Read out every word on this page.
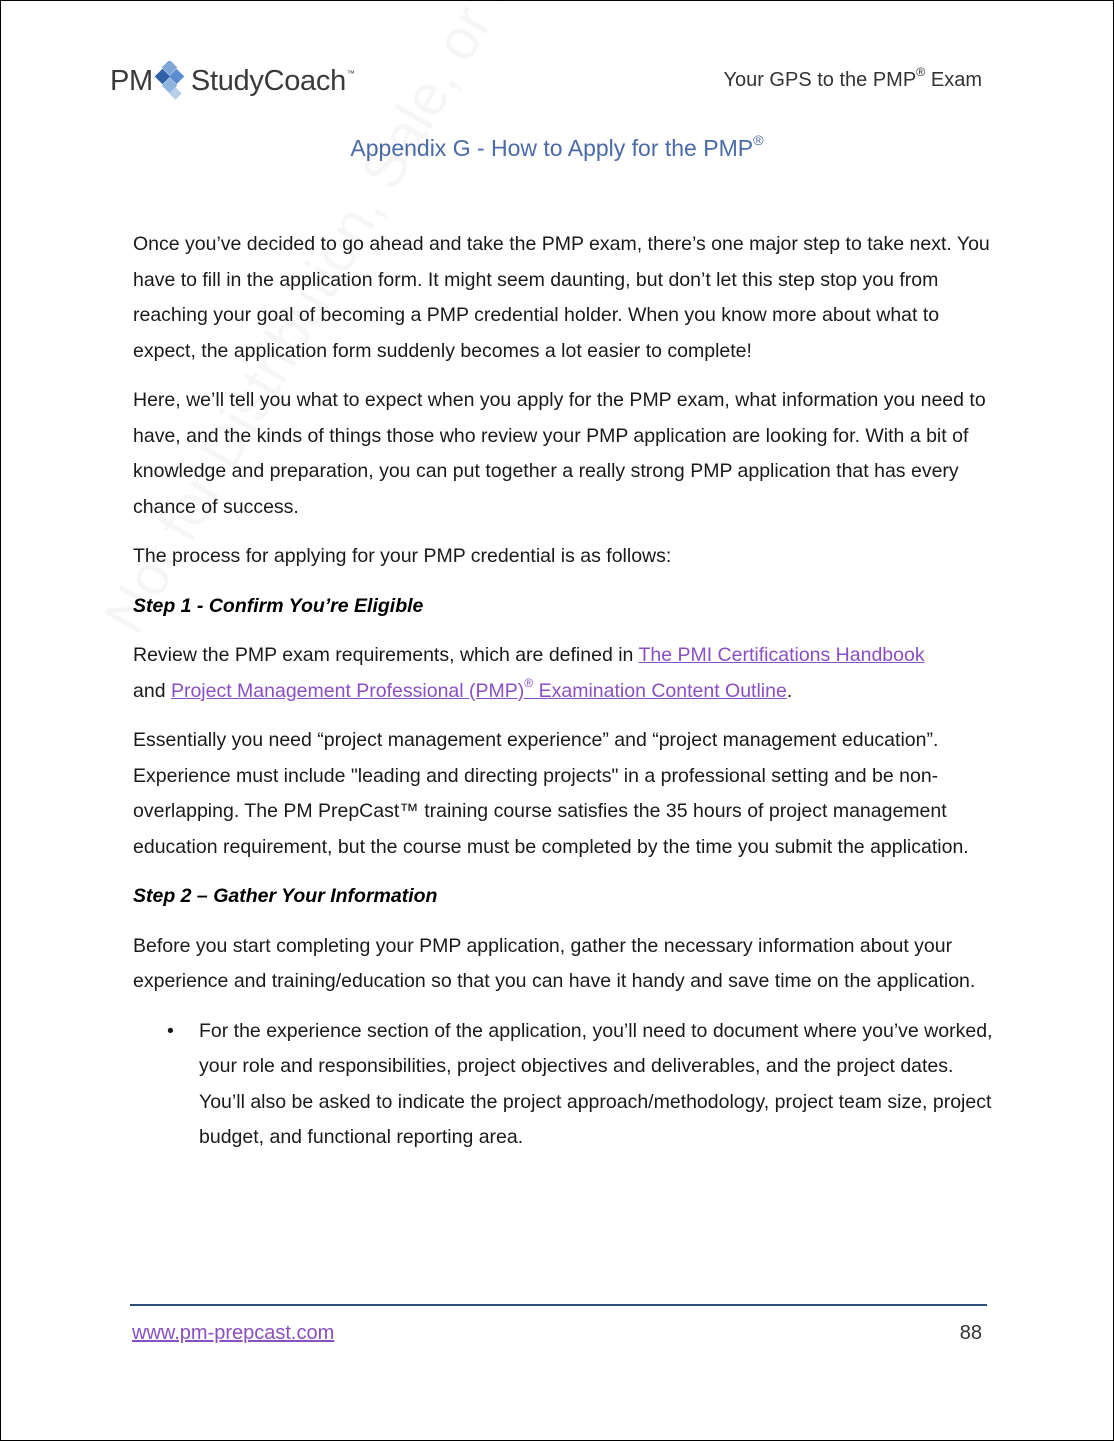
PM StudyCoach ™	Your GPS to the PMP® Exam
Appendix G - How to Apply for the PMP®

Once you’ve decided to go ahead and take the PMP exam, there’s one major step to take next. You have to fill in the application form. It might seem daunting, but don’t let this step stop you from reaching your goal of becoming a PMP credential holder. When you know more about what to expect, the application form suddenly becomes a lot easier to complete!

Here, we’ll tell you what to expect when you apply for the PMP exam, what information you need to have, and the kinds of things those who review your PMP application are looking for. With a bit of knowledge and preparation, you can put together a really strong PMP application that has every chance of success.

The process for applying for your PMP credential is as follows:

Step 1 - Confirm You’re Eligible

Review the PMP exam requirements, which are defined in The PMI Certifications Handbook
and Project Management Professional (PMP)® Examination Content Outline.

Essentially you need “project management experience” and “project management education”. Experience must include "leading and directing projects" in a professional setting and be non-overlapping. The PM PrepCast™ training course satisfies the 35 hours of project management education requirement, but the course must be completed by the time you submit the application.

Step 2 – Gather Your Information

Before you start completing your PMP application, gather the necessary information about your experience and training/education so that you can have it handy and save time on the application.

• For the experience section of the application, you’ll need to document where you’ve worked, your role and responsibilities, project objectives and deliverables, and the project dates. You’ll also be asked to indicate the project approach/methodology, project team size, project budget, and functional reporting area.
www.pm-prepcast.com	88
